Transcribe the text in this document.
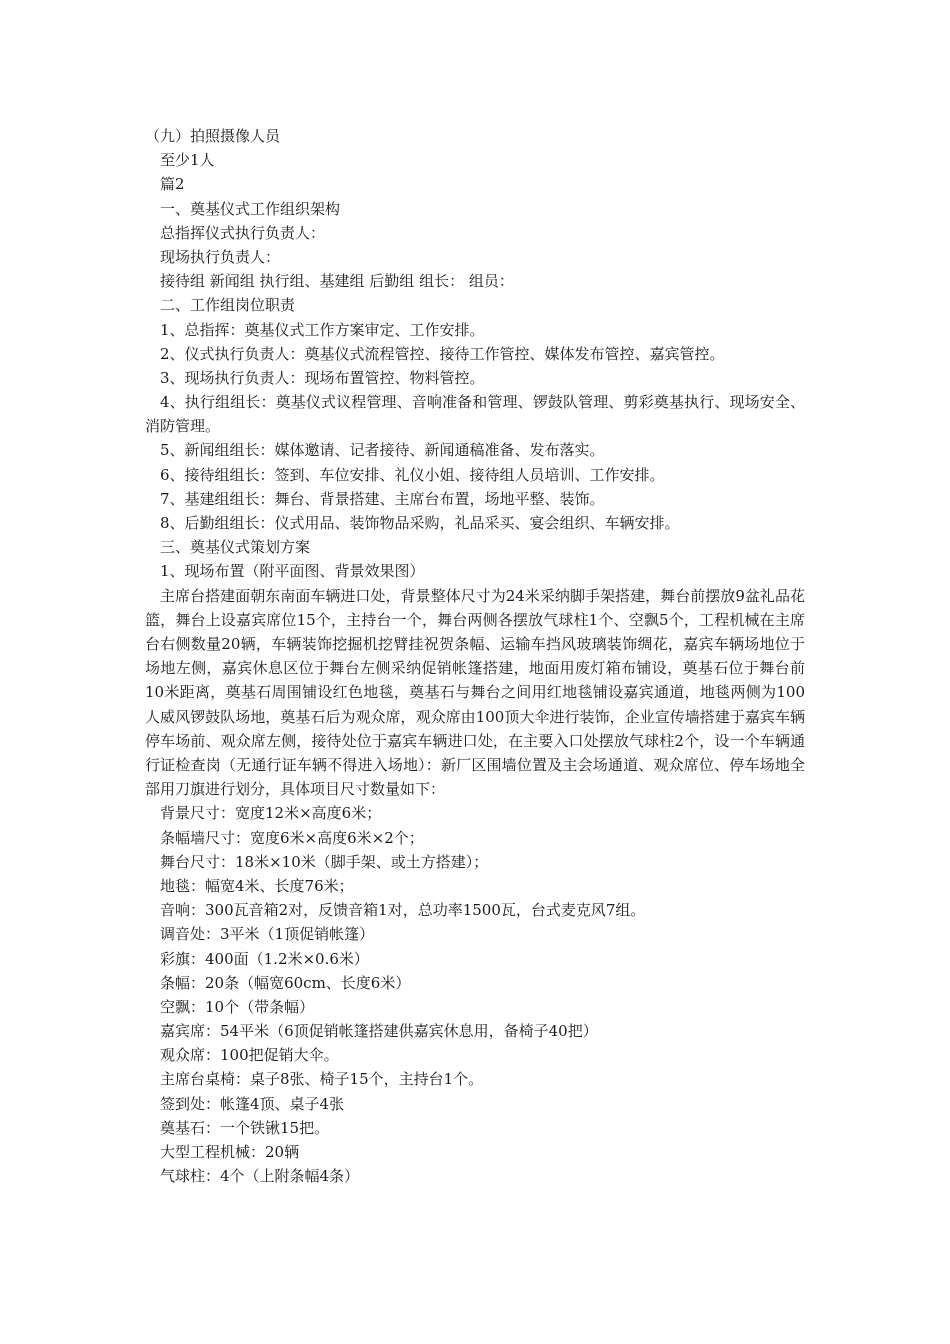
（九）拍照摄像人员
至少1人
篇2
一、奠基仪式工作组织架构
总指挥仪式执行负责人：
现场执行负责人：
接待组 新闻组 执行组、基建组 后勤组 组长： 组员：
二、工作组岗位职责
1、总指挥：奠基仪式工作方案审定、工作安排。
2、仪式执行负责人：奠基仪式流程管控、接待工作管控、媒体发布管控、嘉宾管控。
3、现场执行负责人：现场布置管控、物料管控。
4、执行组组长：奠基仪式议程管理、音响准备和管理、锣鼓队管理、剪彩奠基执行、现场安全、消防管理。
5、新闻组组长：媒体邀请、记者接待、新闻通稿准备、发布落实。
6、接待组组长：签到、车位安排、礼仪小姐、接待组人员培训、工作安排。
7、基建组组长：舞台、背景搭建、主席台布置，场地平整、装饰。
8、后勤组组长：仪式用品、装饰物品采购，礼品采买、宴会组织、车辆安排。
三、奠基仪式策划方案
1、现场布置（附平面图、背景效果图）
主席台搭建面朝东南面车辆进口处，背景整体尺寸为24米采纳脚手架搭建，舞台前摆放9盆礼品花篮，舞台上设嘉宾席位15个，主持台一个，舞台两侧各摆放气球柱1个、空飘5个，工程机械在主席台右侧数量20辆，车辆装饰挖掘机挖臂挂祝贺条幅、运输车挡风玻璃装饰绸花，嘉宾车辆场地位于场地左侧，嘉宾休息区位于舞台左侧采纳促销帐篷搭建，地面用废灯箱布铺设，奠基石位于舞台前10米距离，奠基石周围铺设红色地毯，奠基石与舞台之间用红地毯铺设嘉宾通道，地毯两侧为100人威风锣鼓队场地，奠基石后为观众席，观众席由100顶大伞进行装饰，企业宣传墙搭建于嘉宾车辆停车场前、观众席左侧，接待处位于嘉宾车辆进口处，在主要入口处摆放气球柱2个，设一个车辆通行证检查岗（无通行证车辆不得进入场地）：新厂区围墙位置及主会场通道、观众席位、停车场地全部用刀旗进行划分，具体项目尺寸数量如下：
背景尺寸：宽度12米×高度6米；
条幅墙尺寸：宽度6米×高度6米×2个；
舞台尺寸：18米×10米（脚手架、或土方搭建）；
地毯：幅宽4米、长度76米；
音响：300瓦音箱2对，反馈音箱1对，总功率1500瓦，台式麦克风7组。
调音处：3平米（1顶促销帐篷）
彩旗：400面（1.2米×0.6米）
条幅：20条（幅宽60cm、长度6米）
空飘：10个（带条幅）
嘉宾席：54平米（6顶促销帐篷搭建供嘉宾休息用，备椅子40把）
观众席：100把促销大伞。
主席台桌椅：桌子8张、椅子15个，主持台1个。
签到处：帐篷4顶、桌子4张
奠基石：一个铁锹15把。
大型工程机械：20辆
气球柱：4个（上附条幅4条）
